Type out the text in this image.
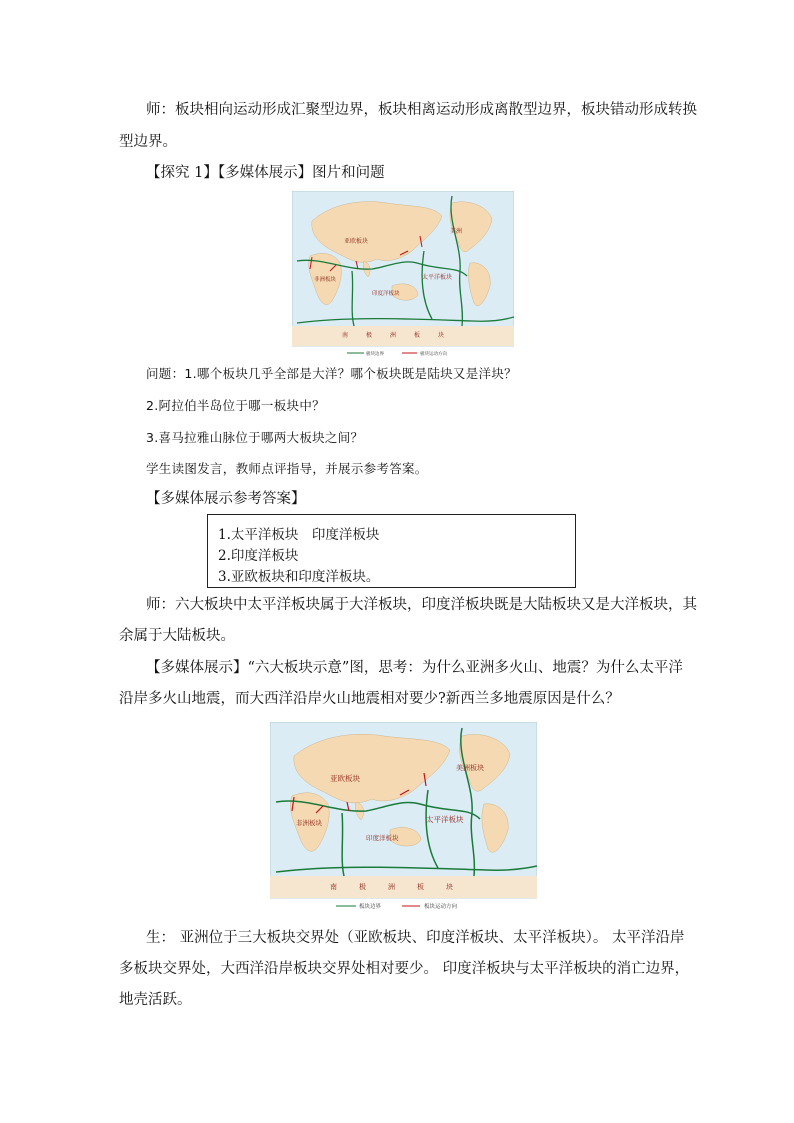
师：板块相向运动形成汇聚型边界，板块相离运动形成离散型边界，板块错动形成转换
型边界。
【探究 1】【多媒体展示】图片和问题
亚欧板块
美洲
非洲板块
印度洋板块
太平洋板块
南极洲板块
板块边界	板块运动方向
问题：1.哪个板块几乎全部是大洋？哪个板块既是陆块又是洋块？
2.阿拉伯半岛位于哪一板块中？
3.喜马拉雅山脉位于哪两大板块之间？
学生读图发言，教师点评指导，并展示参考答案。
【多媒体展示参考答案】
1.太平洋板块　印度洋板块
2.印度洋板块
3.亚欧板块和印度洋板块。
师：六大板块中太平洋板块属于大洋板块，印度洋板块既是大陆板块又是大洋板块，其
余属于大陆板块。
【多媒体展示】“六大板块示意”图，思考：为什么亚洲多火山、地震？为什么太平洋
沿岸多火山地震，而大西洋沿岸火山地震相对要少?新西兰多地震原因是什么？
亚欧板块
美洲板块
非洲板块
印度洋板块
太平洋板块
南极洲板块
板块边界	板块运动方向
生： 亚洲位于三大板块交界处（亚欧板块、印度洋板块、太平洋板块）。 太平洋沿岸
多板块交界处，大西洋沿岸板块交界处相对要少。 印度洋板块与太平洋板块的消亡边界，
地壳活跃。
